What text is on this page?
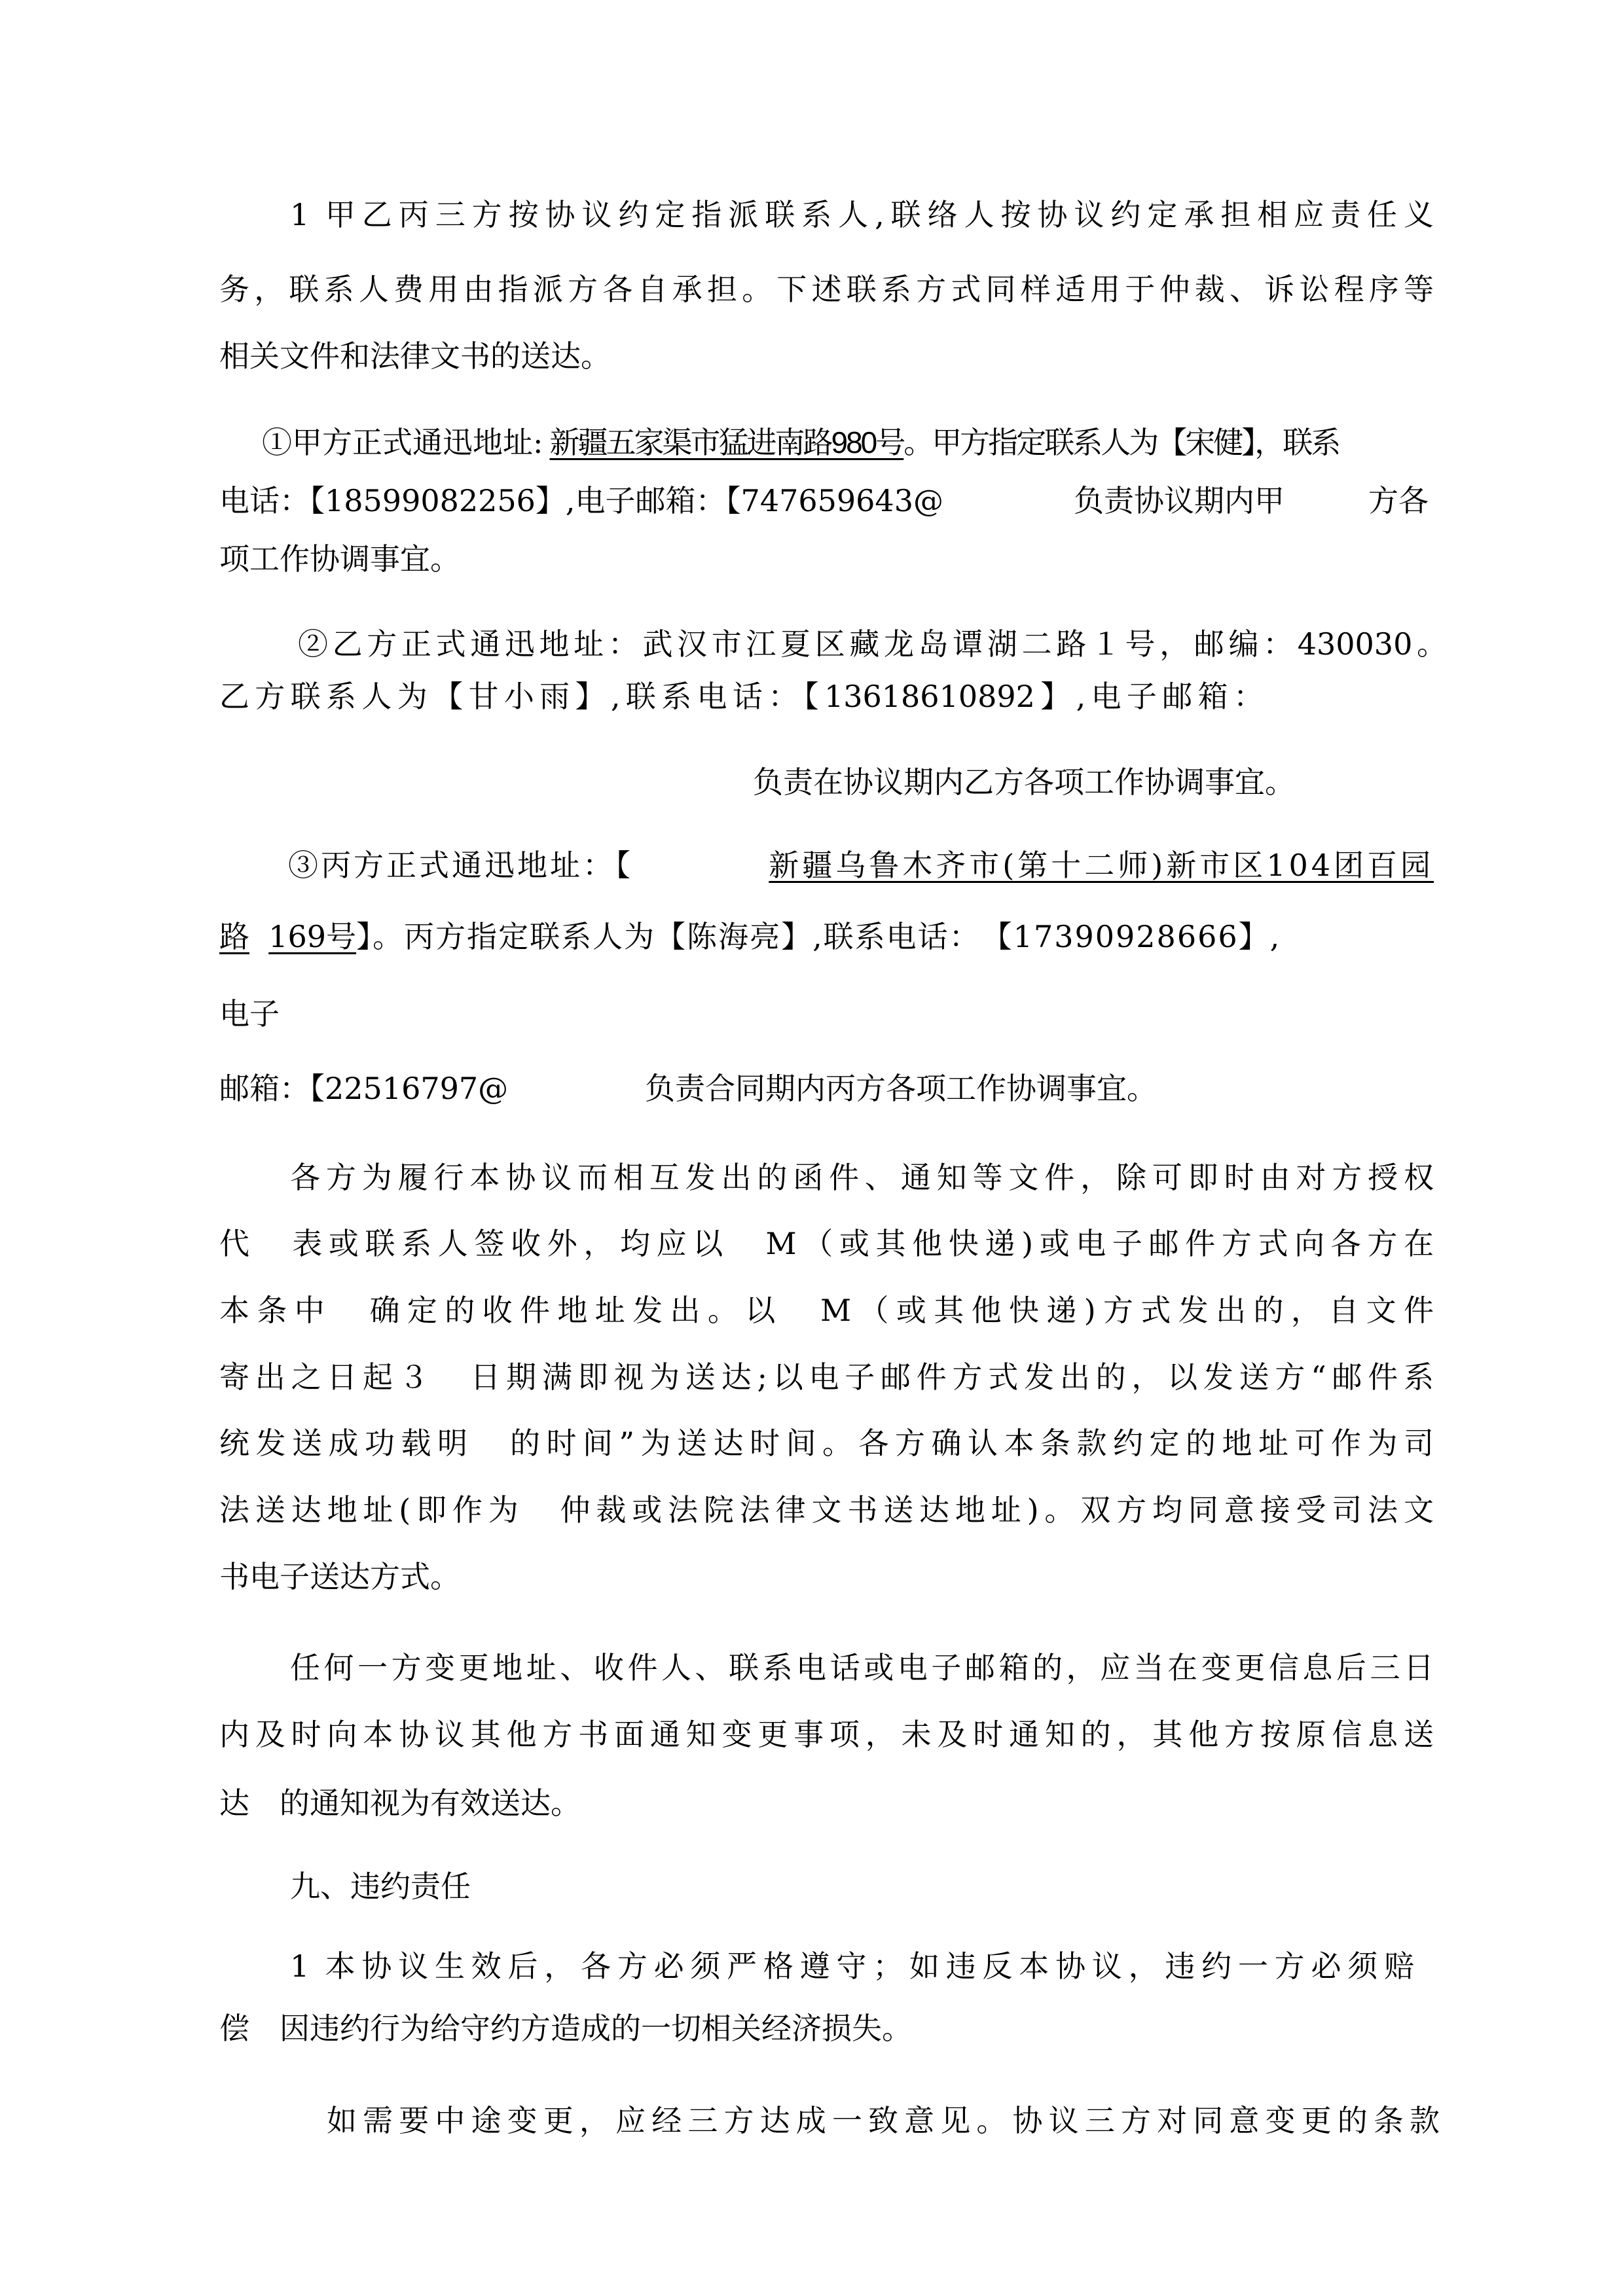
1 甲乙丙三方按协议约定指派联系人,联络人按协议约定承担相应责任义
务，联系人费用由指派方各自承担。下述联系方式同样适用于仲裁、诉讼程序等
相关文件和法律文书的送达。
①甲方正式通迅地址: 新疆五家渠市猛进南路980号。甲方指定联系人为【宋健】，联系
电话：【18599082256】,电子邮箱：【747659643@	负责协议期内甲	方各
项工作协调事宜。
②乙方正式通迅地址：武汉市江夏区藏龙岛谭湖二路１号，邮编：430030。
乙方联系人为【甘小雨】,联系电话：【13618610892】,电子邮箱：
负责在协议期内乙方各项工作协调事宜。
③丙方正式通迅地址：【	新疆乌鲁木齐市(第十二师)新市区104团百园
路 169号】。丙方指定联系人为【陈海亮】,联系电话：　【17390928666】,
电子
邮箱：【22516797@	负责合同期内丙方各项工作协调事宜。
各方为履行本协议而相互发出的函件、通知等文件，除可即时由对方授权
代　表或联系人签收外，均应以　M（或其他快递)或电子邮件方式向各方在
本条中　确定的收件地址发出。以　M（或其他快递)方式发出的，自文件
寄出之日起３　日期满即视为送达;以电子邮件方式发出的，以发送方“邮件系
统发送成功载明　的时间”为送达时间。各方确认本条款约定的地址可作为司
法送达地址(即作为　仲裁或法院法律文书送达地址)。双方均同意接受司法文
书电子送达方式。
任何一方变更地址、收件人、联系电话或电子邮箱的，应当在变更信息后三日
内及时向本协议其他方书面通知变更事项，未及时通知的，其他方按原信息送
达　的通知视为有效送达。
九、违约责任
1 本协议生效后，各方必须严格遵守；如违反本协议，违约一方必须赔
偿　因违约行为给守约方造成的一切相关经济损失。
如需要中途变更，应经三方达成一致意见。协议三方对同意变更的条款
